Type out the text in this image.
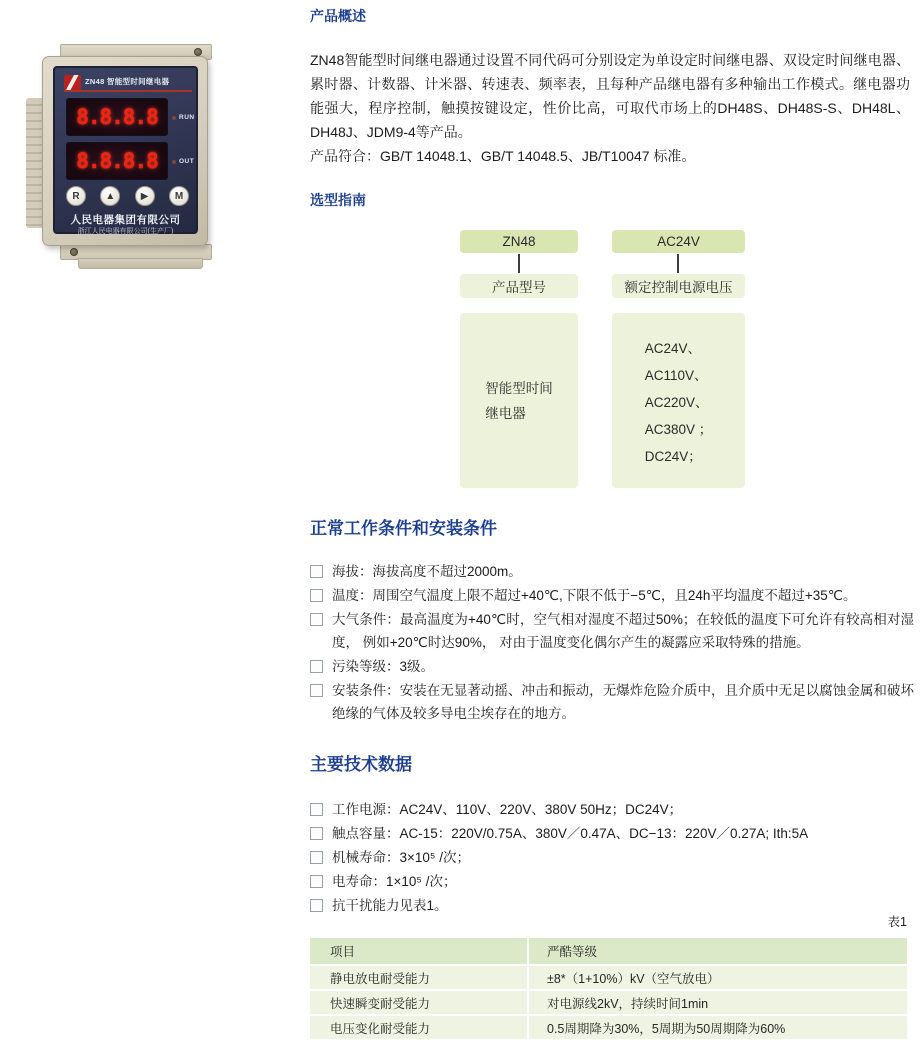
ZN48 智能型时间继电器
8.8.8.8	RUN
8.8.8.8	OUT
R	▲	▶	M
人民电器集团有限公司
浙江人民电器有限公司(生产厂)
产品概述
ZN48智能型时间继电器通过设置不同代码可分别设定为单设定时间继电器、双设定时间继电器、累时器、计数器、计米器、转速表、频率表，且每种产品继电器有多种输出工作模式。继电器功能强大，程序控制，触摸按键设定，性价比高，可取代市场上的DH48S、DH48S-S、DH48L、DH48J、JDM9-4等产品。
产品符合：GB/T 14048.1、GB/T 14048.5、JB/T10047 标准。
选型指南
ZN48	AC24V
产品型号	额定控制电源电压
智能型时间
继电器
AC24V、
AC110V、
AC220V、
AC380V ；
DC24V；
正常工作条件和安装条件
海拔：海拔高度不超过2000m。
温度：周围空气温度上限不超过+40℃,下限不低于−5℃，且24h平均温度不超过+35℃。
大气条件：最高温度为+40℃时，空气相对湿度不超过50%；在较低的温度下可允许有较高相对湿度， 例如+20℃时达90%， 对由于温度变化偶尔产生的凝露应采取特殊的措施。
污染等级：3级。
安装条件：安装在无显著动摇、冲击和振动，无爆炸危险介质中，且介质中无足以腐蚀金属和破坏绝缘的气体及较多导电尘埃存在的地方。
主要技术数据
工作电源：AC24V、110V、220V、380V 50Hz；DC24V；
触点容量：AC-15：220V/0.75A、380V／0.47A、DC−13：220V／0.27A; Ith:5A
机械寿命：3×10⁵ /次；
电寿命：1×10⁵ /次；
抗干扰能力见表1。
表1
项目	严酷等级
静电放电耐受能力	±8*（1+10%）kV（空气放电）
快速瞬变耐受能力	对电源线2kV，持续时间1min
电压变化耐受能力	0.5周期降为30%，5周期为50周期降为60%
